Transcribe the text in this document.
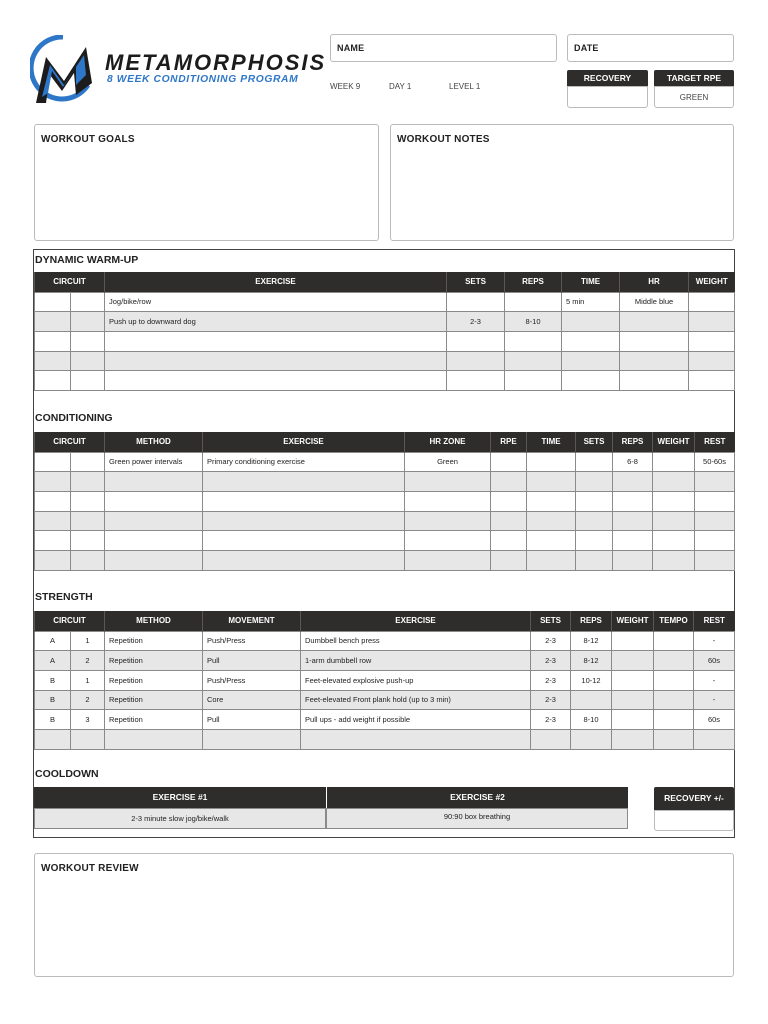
METAMORPHOSIS
8 WEEK CONDITIONING PROGRAM
NAME	DATE
WEEK 9	DAY 1	LEVEL 1
RECOVERY	TARGET RPE
GREEN
WORKOUT GOALS	WORKOUT NOTES
DYNAMIC WARM-UP
CIRCUIT		EXERCISE	SETS	REPS	TIME	HR	WEIGHT
		Jog/bike/row			5 min	Middle blue	
		Push up to downward dog	2-3	8-10			

CONDITIONING
CIRCUIT		METHOD	EXERCISE	HR ZONE	RPE	TIME	SETS	REPS	WEIGHT	REST
		Green power intervals	Primary conditioning exercise	Green				6-8		50-60s

STRENGTH
CIRCUIT		METHOD	MOVEMENT	EXERCISE	SETS	REPS	WEIGHT	TEMPO	REST
A	1	Repetition	Push/Press	Dumbbell bench press	2-3	8-12			-
A	2	Repetition	Pull	1-arm dumbbell row	2-3	8-12			60s
B	1	Repetition	Push/Press	Feet-elevated explosive push-up	2-3	10-12			-
B	2	Repetition	Core	Feet-elevated Front plank hold (up to 3 min)	2-3				-
B	3	Repetition	Pull	Pull ups - add weight if possible	2-3	8-10			60s

COOLDOWN
EXERCISE #1	EXERCISE #2
2-3 minute slow jog/bike/walk	90:90 box breathing
RECOVERY +/-
WORKOUT REVIEW
